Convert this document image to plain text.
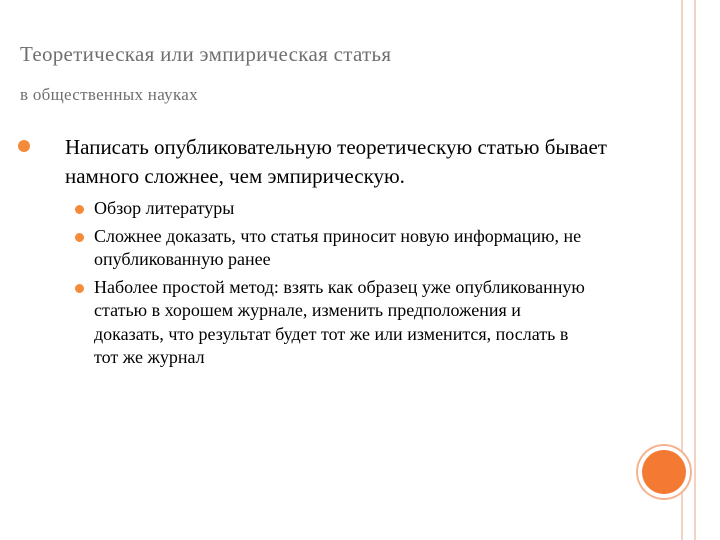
Теоретическая или эмпирическая статья
в общественных науках
Написать опубликовательную теоретическую статью бывает намного сложнее, чем эмпирическую.
Обзор литературы
Сложнее доказать, что статья приносит новую информацию, не опубликованную ранее
Наболее простой метод: взять как образец уже опубликованную статью в хорошем журнале, изменить предположения и доказать, что результат будет тот же или изменится, послать в тот же журнал
